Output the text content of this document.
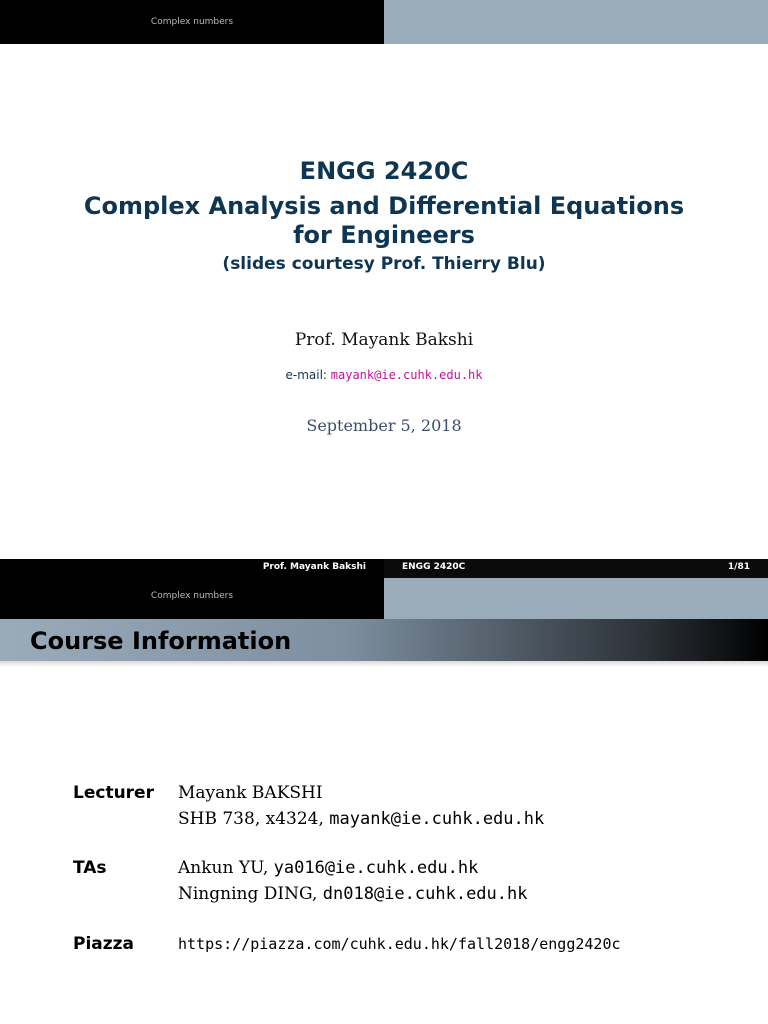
Complex numbers
ENGG 2420C
Complex Analysis and Differential Equations
for Engineers
(slides courtesy Prof. Thierry Blu)
Prof. Mayank Bakshi
e-mail: mayank@ie.cuhk.edu.hk
September 5, 2018
Prof. Mayank Bakshi
Complex numbers
ENGG 2420C	1/81
Course Information
Lecturer Mayank BAKSHI
SHB 738, x4324, mayank@ie.cuhk.edu.hk
TAs	Ankun YU, ya016@ie.cuhk.edu.hk
Ningning DING, dn018@ie.cuhk.edu.hk
Piazza	https://piazza.com/cuhk.edu.hk/fall2018/engg2420c
